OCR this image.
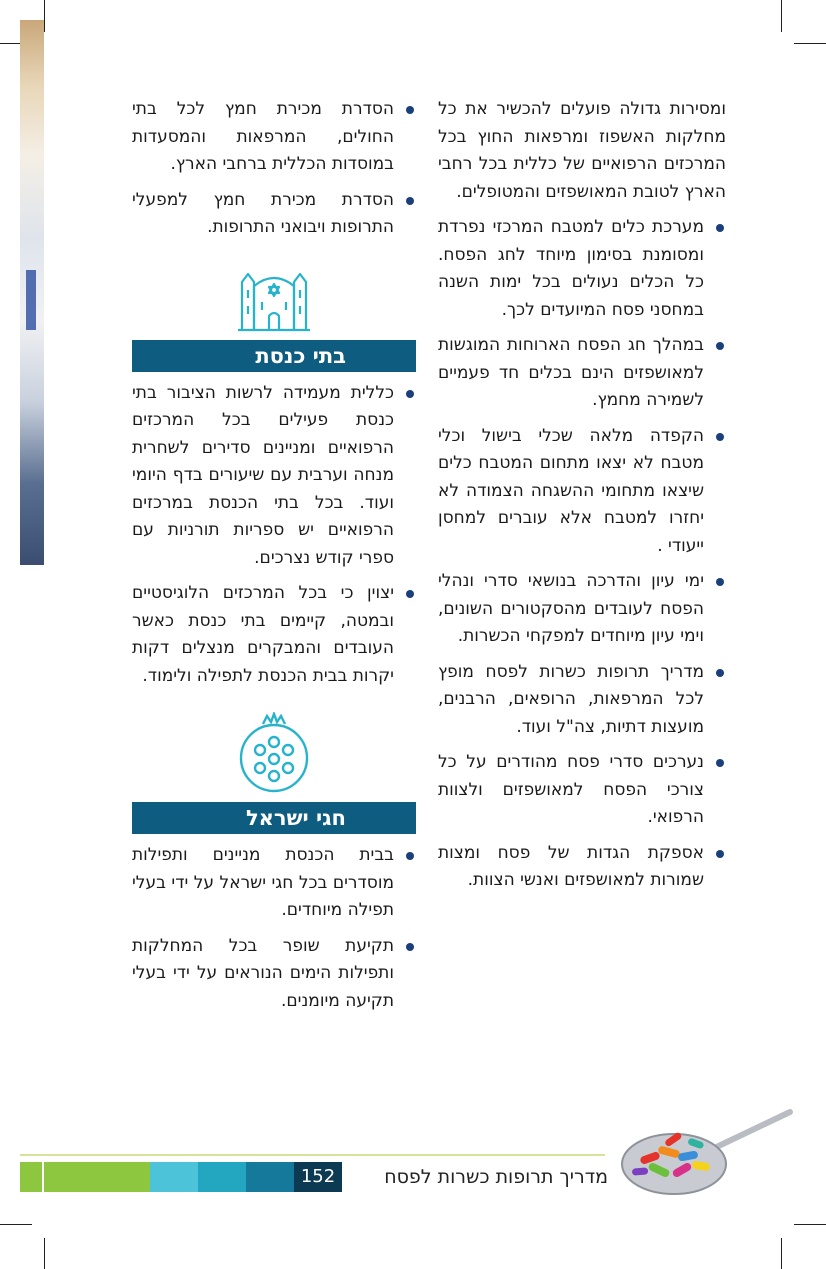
ומסירות גדולה פועלים להכשיר את כל מחלקות האשפוז ומרפאות החוץ בכל המרכזים הרפואיים של כללית בכל רחבי הארץ לטובת המאושפזים והמטופלים.
מערכת כלים למטבח המרכזי נפרדת ומסומנת בסימון מיוחד לחג הפסח. כל הכלים נעולים בכל ימות השנה במחסני פסח המיועדים לכך.
במהלך חג הפסח הארוחות המוגשות למאושפזים הינם בכלים חד פעמיים לשמירה מחמץ.
הקפדה מלאה שכלי בישול וכלי מטבח לא יצאו מתחום המטבח כלים שיצאו מתחומי ההשגחה הצמודה לא יחזרו למטבח אלא עוברים למחסן ייעודי .
ימי עיון והדרכה בנושאי סדרי ונהלי הפסח לעובדים מהסקטורים השונים, וימי עיון מיוחדים למפקחי הכשרות.
מדריך תרופות כשרות לפסח מופץ לכל המרפאות, הרופאים, הרבנים, מועצות דתיות, צה"ל ועוד.
נערכים סדרי פסח מהודרים על כל צורכי הפסח למאושפזים ולצוות הרפואי.
אספקת הגדות של פסח ומצות שמורות למאושפזים ואנשי הצוות.
הסדרת מכירת חמץ לכל בתי החולים, המרפאות והמסעדות במוסדות הכללית ברחבי הארץ.
הסדרת מכירת חמץ למפעלי התרופות ויבואני התרופות.
בתי כנסת
כללית מעמידה לרשות הציבור בתי כנסת פעילים בכל המרכזים הרפואיים ומניינים סדירים לשחרית מנחה וערבית עם שיעורים בדף היומי ועוד. בכל בתי הכנסת במרכזים הרפואיים יש ספריות תורניות עם ספרי קודש נצרכים.
יצוין כי בכל המרכזים הלוגיסטיים ובמטה, קיימים בתי כנסת כאשר העובדים והמבקרים מנצלים דקות יקרות בבית הכנסת לתפילה ולימוד.
חגי ישראל
בבית הכנסת מניינים ותפילות מוסדרים בכל חגי ישראל על ידי בעלי תפילה מיוחדים.
תקיעת שופר בכל המחלקות ותפילות הימים הנוראים על ידי בעלי תקיעה מיומנים.
152	מדריך תרופות כשרות לפסח
